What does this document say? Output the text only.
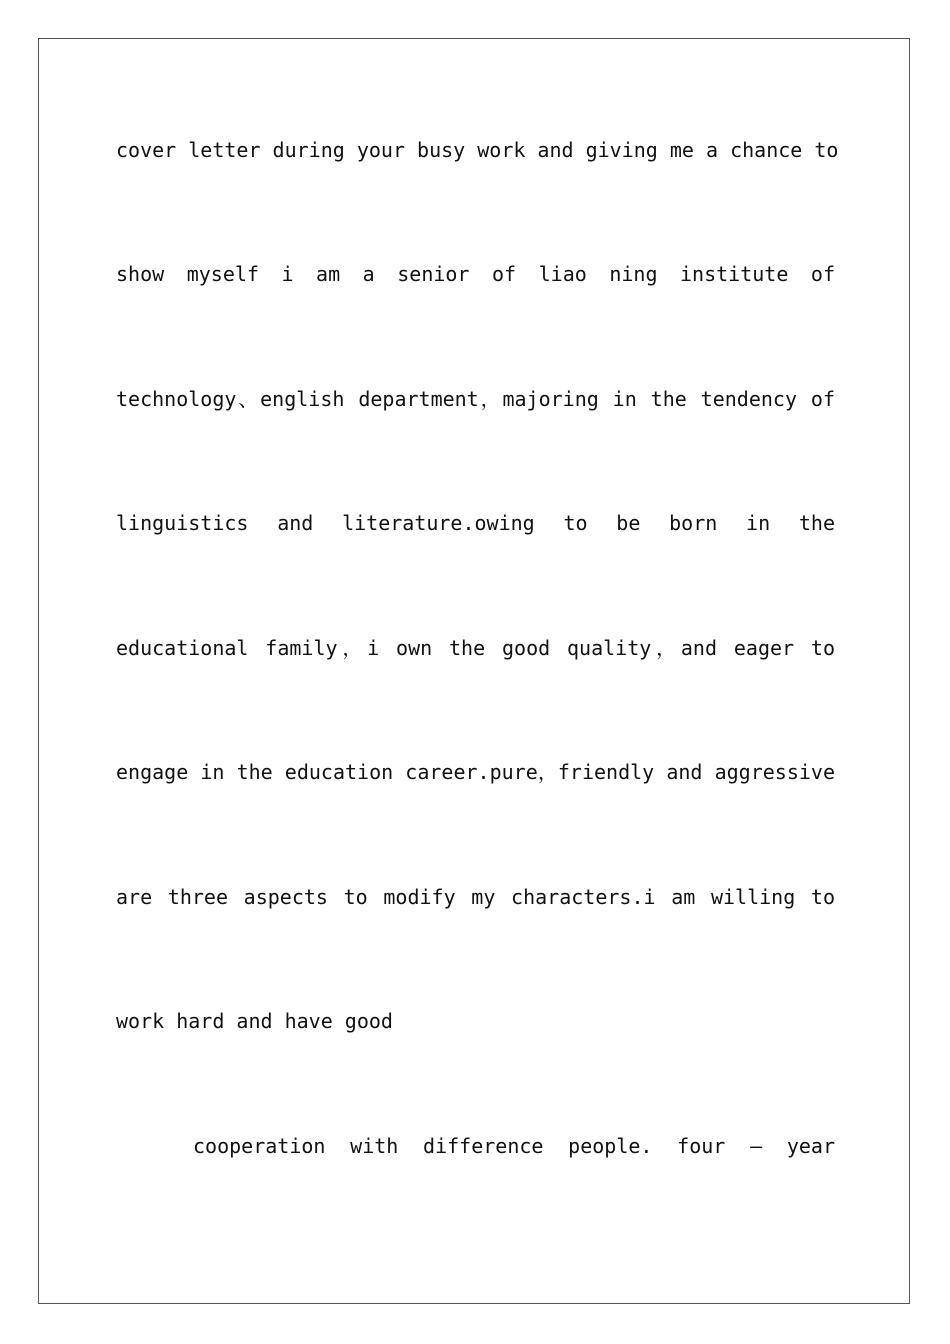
cover letter during your busy work and giving me a chance to
show myself i am a senior of liao ning institute of
technology、english department，majoring in the tendency of
linguistics and literature.owing to be born in the
educational family，i own the good quality，and eager to
engage in the education career.pure，friendly and aggressive
are three aspects to modify my characters.i am willing to
work hard and have good
cooperation with difference people. four — year
